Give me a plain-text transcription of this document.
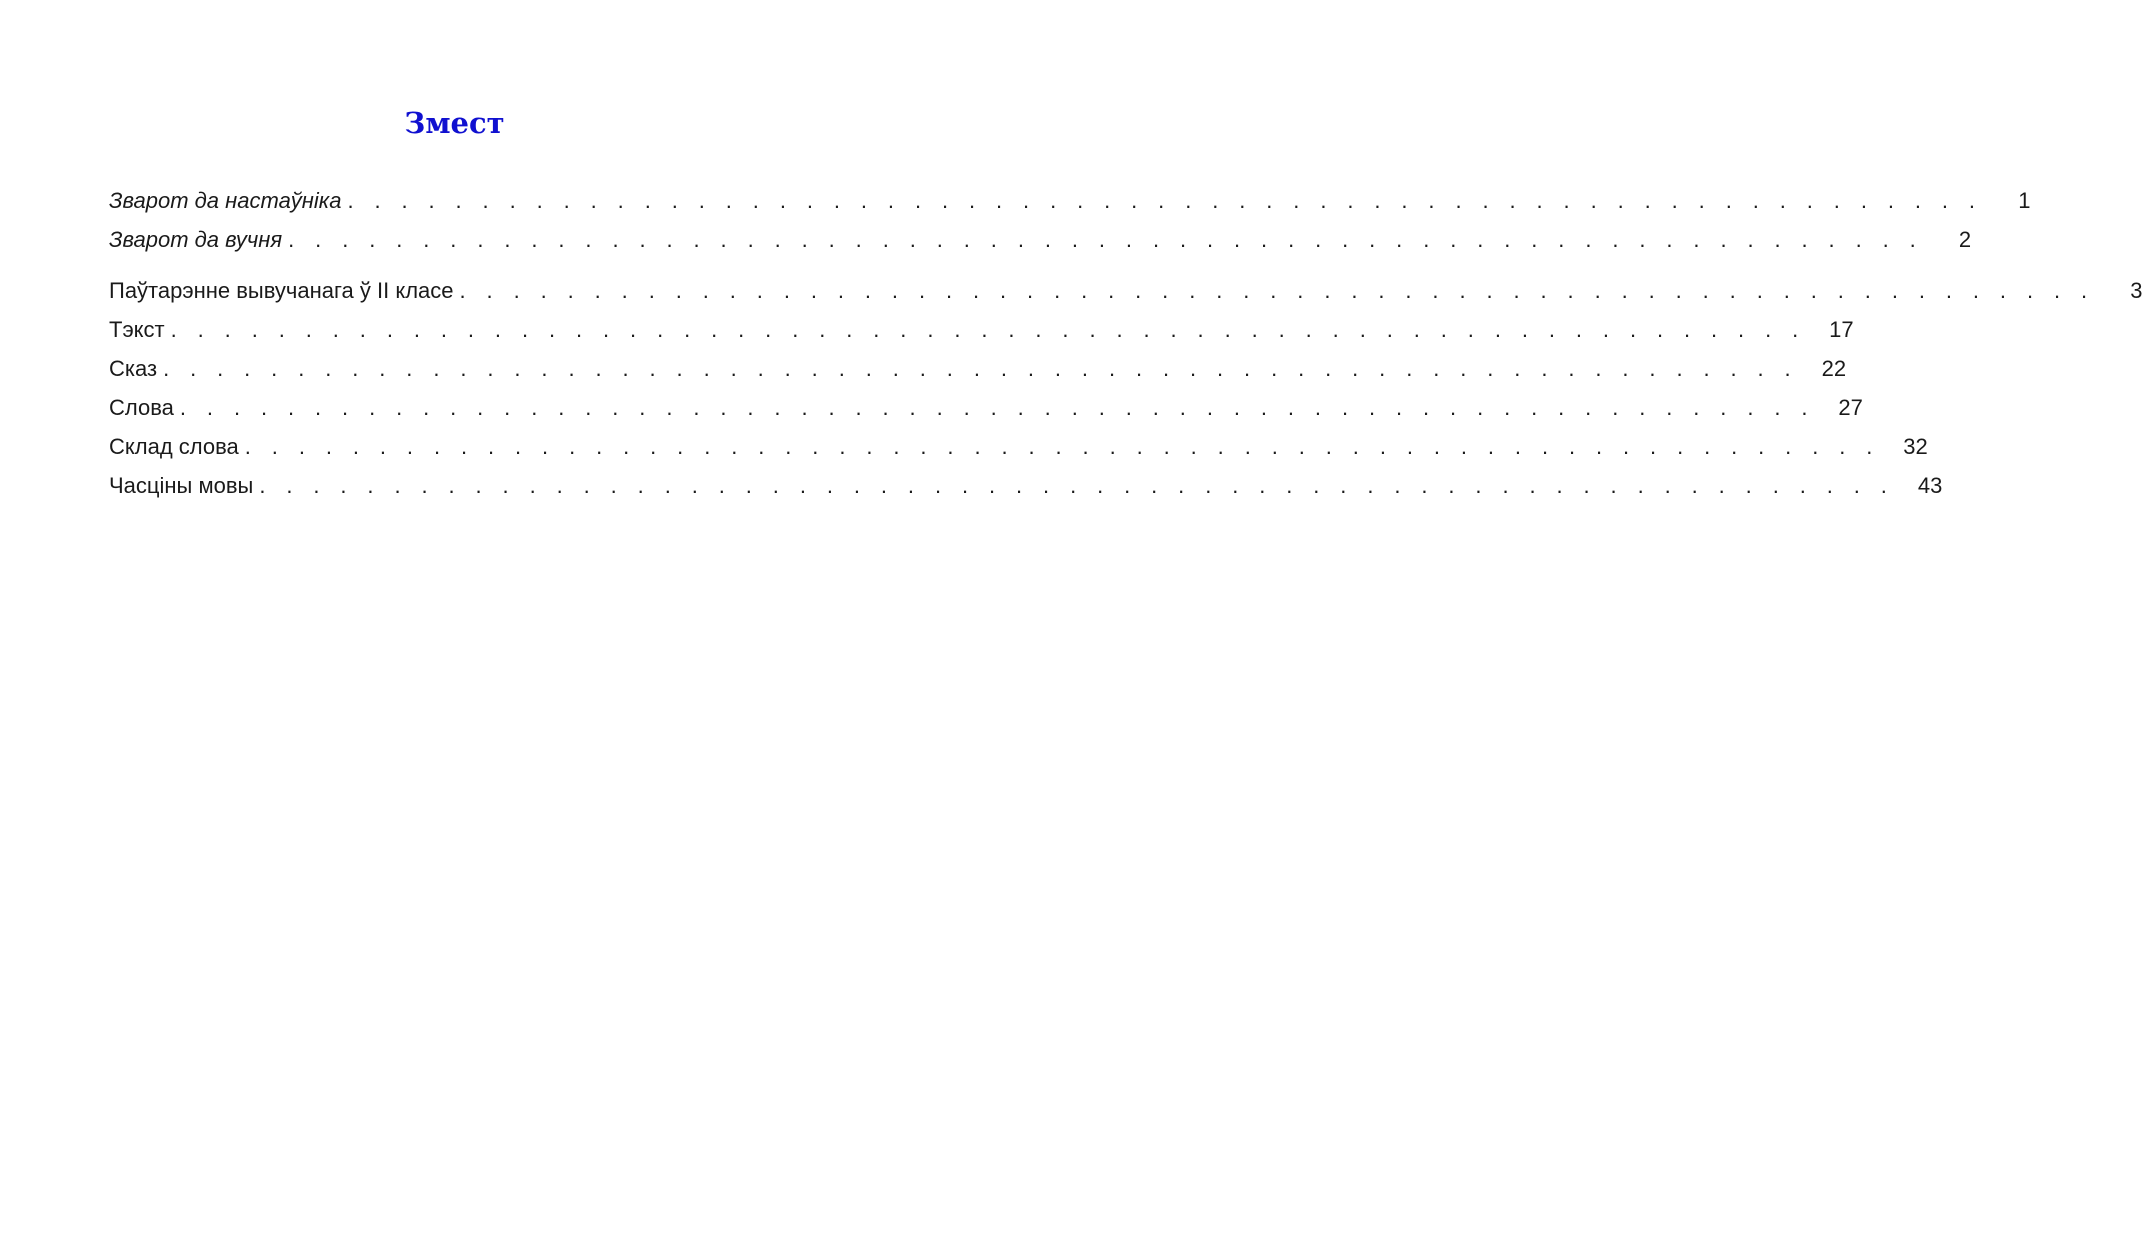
Змест
Зварот да настаўніка . . . . . . . . . . . . . . . . . . . . . . . . . . . . . . . . . . . . . . . . . . . . . . . . . . . . . . . . . . . . .	1
Зварот да вучня . . . . . . . . . . . . . . . . . . . . . . . . . . . . . . . . . . . . . . . . . . . . . . . . . . . . . . . . . . . . .	2
Паўтарэнне вывучанага ў II класе . . . . . . . . . . . . . . . . . . . . . . . . . . . . . . . . . . . . . . . . . . . . . . . . . . . . . . . . . . . . .	3
Тэкст . . . . . . . . . . . . . . . . . . . . . . . . . . . . . . . . . . . . . . . . . . . . . . . . . . . . . . . . . . . . .	17
Сказ . . . . . . . . . . . . . . . . . . . . . . . . . . . . . . . . . . . . . . . . . . . . . . . . . . . . . . . . . . . . .	22
Слова . . . . . . . . . . . . . . . . . . . . . . . . . . . . . . . . . . . . . . . . . . . . . . . . . . . . . . . . . . . . .	27
Склад слова . . . . . . . . . . . . . . . . . . . . . . . . . . . . . . . . . . . . . . . . . . . . . . . . . . . . . . . . . . . . .	32
Часціны мовы . . . . . . . . . . . . . . . . . . . . . . . . . . . . . . . . . . . . . . . . . . . . . . . . . . . . . . . . . . . . .	43
